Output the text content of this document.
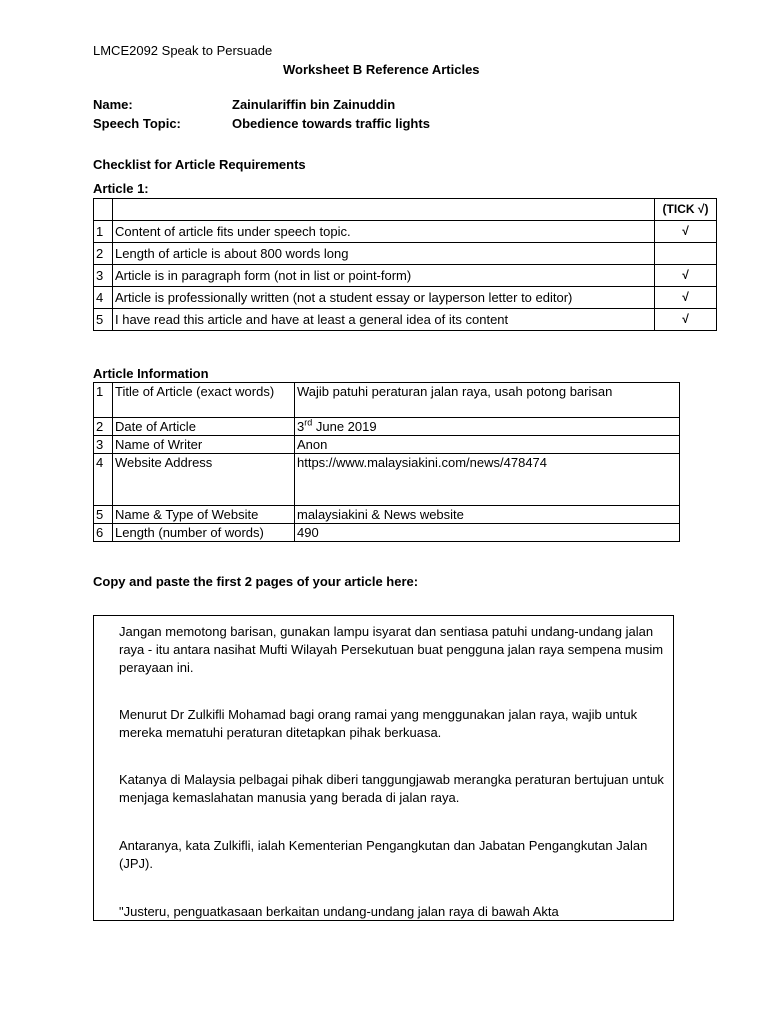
LMCE2092 Speak to Persuade
Worksheet B Reference Articles
Name:	Zainulariffin bin Zainuddin
Speech Topic:	Obedience towards traffic lights
Checklist for Article Requirements
Article 1:
		(TICK √)
1	Content of article fits under speech topic.	√
2	Length of article is about 800 words long	
3	Article is in paragraph form (not in list or point-form)	√
4	Article is professionally written (not a student essay or layperson letter to editor)	√
5	I have read this article and have at least a general idea of its content	√
Article Information
1	Title of Article (exact words)	Wajib patuhi peraturan jalan raya, usah potong barisan
2	Date of Article	3rd June 2019
3	Name of Writer	Anon
4	Website Address	https://www.malaysiakini.com/news/478474
5	Name & Type of Website	malaysiakini & News website
6	Length (number of words)	490
Copy and paste the first 2 pages of your article here:
Jangan memotong barisan, gunakan lampu isyarat dan sentiasa patuhi undang-undang jalan raya - itu antara nasihat Mufti Wilayah Persekutuan buat pengguna jalan raya sempena musim perayaan ini.
Menurut Dr Zulkifli Mohamad bagi orang ramai yang menggunakan jalan raya, wajib untuk mereka mematuhi peraturan ditetapkan pihak berkuasa.
Katanya di Malaysia pelbagai pihak diberi tanggungjawab merangka peraturan bertujuan untuk menjaga kemaslahatan manusia yang berada di jalan raya.
Antaranya, kata Zulkifli, ialah Kementerian Pengangkutan dan Jabatan Pengangkutan Jalan (JPJ).
"Justeru, penguatkasaan berkaitan undang-undang jalan raya di bawah Akta
